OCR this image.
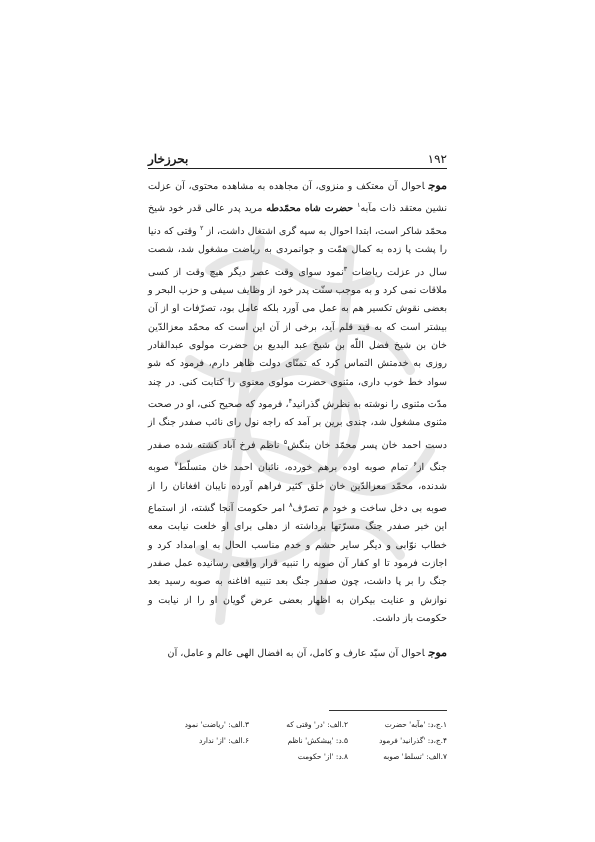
۱۹۲
بحرزخار

موجاحوال آن معتکف و منزوی، آن مجاهده به مشاهده محتوی، آن عزلت نشین معتقد ذات مآبه$^۱$ حضرت شاه محمّدطه مرید پدر عالی قدر خود شیخ محمّد شاکر است، ابتدا احوال به سپه گری اشتغال داشت، از $^۲$ وقتی که دنیا را پشت پا زده به کمال همّت و جوانمردی به ریاضت مشغول شد، شصت سال در عزلت ریاضات $^۳$نمود سوای وقت عصر دیگر هیچ وقت از کسی ملاقات نمی کرد و به موجب سنّت پدر خود از وظایف سیفی و حزب البحر و بعضی نقوش تکسیر هم به عمل می آورد بلکه عامل بود، تصرّفات او از آن بیشتر است که به قید قلم آید، برخی از آن این است که محمّد معزالدّین خان بن شیخ فضل اللّه بن شیخ عبد البدیع بن حضرت مولوی عبدالقادر روزی به خدمتش التماس کرد که تمنّای دولت ظاهر دارم، فرمود که شو سواد خط خوب داری، مثنوی حضرت مولوی معنوی را کتابت کنی. در چند مدّت مثنوی را نوشته به نظرش گذرانید$^۴$، فرمود که صحیح کنی، او در صحت مثنوی مشغول شد، چندی برین بر آمد که راجه نول رای نائب صفدر جنگ از دست احمد خان پسر محمّد خان بنگش$^۵$ ناظم فرخ آباد کشته شده صفدر جنگ از$^۶$ تمام صوبه اوده برهم خورده، نائبان احمد خان متسلّط$^۷$ صوبه شدنده، محمّد معزالدّین خان خلق کثیر فراهم آورده نایبان افغانان را از صوبه بی دخل ساخت و خود م تصرّف$^۸$ امر حکومت آنجا گشته، از استماع این خبر صفدر جنگ مسرّتها برداشته از دهلی برای او خلعت نیابت معه خطاب نوّابی و دیگر سایر حشم و خدم مناسب الحال به او امداد کرد و اجازت فرمود تا او کفار آن صوبه را تنبیه قرار واقعی رسانیده عمل صفدر جنگ را بر پا داشت، چون صفدر جنگ بعد تنبیه افاغنه به صوبه رسید بعد نوازش و عنایت بیکران به اظهار بعضی عرض گویان او را از نیابت و حکومت باز داشت.

موجاحوال آن سیّد عارف و کامل، آن به افضال الهی عالم و عامل، آن

۱.ج،د: 'مآبه' حضرت
۲.الف: 'در' وقتی که
۳.الف: 'ریاضت' نمود
۴.ج،د: 'گذرانید' فرمود
۵.د: 'پیشکش' ناظم
۶.الف: 'از' ندارد
۷.الف: 'تسلط' صوبه
۸.د: 'از' حکومت
